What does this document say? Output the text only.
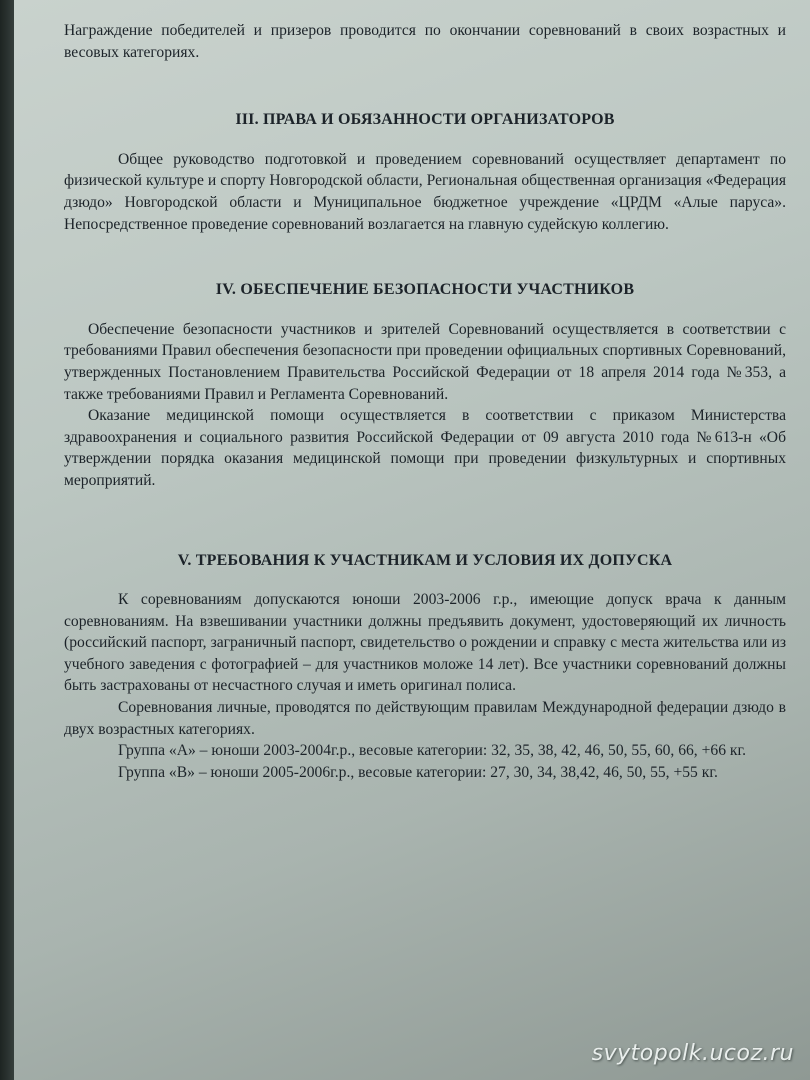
Награждение победителей и призеров проводится по окончании соревнований в своих возрастных и весовых категориях.

III. ПРАВА И ОБЯЗАННОСТИ ОРГАНИЗАТОРОВ

Общее руководство подготовкой и проведением соревнований осуществляет департамент по физической культуре и спорту Новгородской области, Региональная общественная организация «Федерация дзюдо» Новгородской области и Муниципальное бюджетное учреждение «ЦРДМ «Алые паруса». Непосредственное проведение соревнований возлагается на главную судейскую коллегию.

IV. ОБЕСПЕЧЕНИЕ БЕЗОПАСНОСТИ УЧАСТНИКОВ

Обеспечение безопасности участников и зрителей Соревнований осуществляется в соответствии с требованиями Правил обеспечения безопасности при проведении официальных спортивных Соревнований, утвержденных Постановлением Правительства Российской Федерации от 18 апреля 2014 года №353, а также требованиями Правил и Регламента Соревнований.

Оказание медицинской помощи осуществляется в соответствии с приказом Министерства здравоохранения и социального развития Российской Федерации от 09 августа 2010 года №613-н «Об утверждении порядка оказания медицинской помощи при проведении физкультурных и спортивных мероприятий.

V. ТРЕБОВАНИЯ К УЧАСТНИКАМ И УСЛОВИЯ ИХ ДОПУСКА

К соревнованиям допускаются юноши 2003-2006 г.р., имеющие допуск врача к данным соревнованиям. На взвешивании участники должны предъявить документ, удостоверяющий их личность (российский паспорт, заграничный паспорт, свидетельство о рождении и справку с места жительства или из учебного заведения с фотографией – для участников моложе 14 лет). Все участники соревнований должны быть застрахованы от несчастного случая и иметь оригинал полиса.

Соревнования личные, проводятся по действующим правилам Международной федерации дзюдо в двух возрастных категориях.

Группа «А» – юноши 2003-2004г.р., весовые категории: 32, 35, 38, 42, 46, 50, 55, 60, 66, +66 кг.

Группа «В» – юноши 2005-2006г.р., весовые категории: 27, 30, 34, 38,42, 46, 50, 55, +55 кг.

svytopolk.ucoz.ru
